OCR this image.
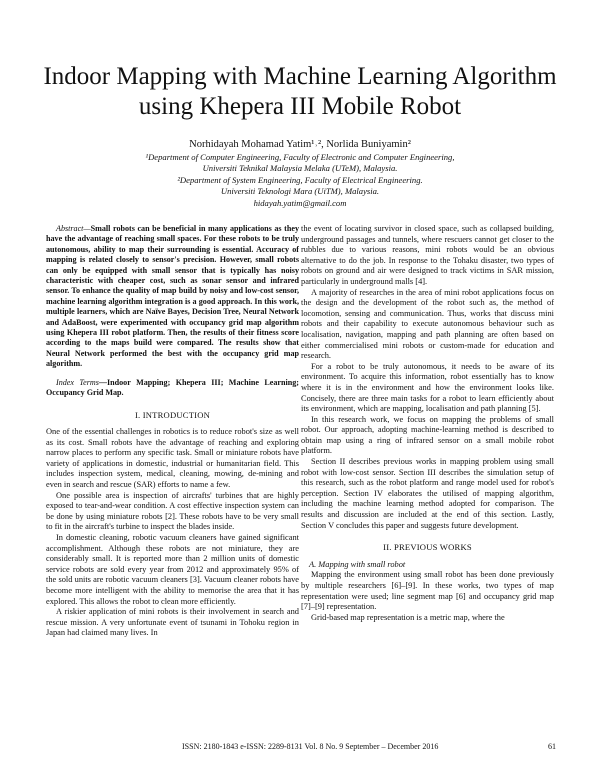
Indoor Mapping with Machine Learning Algorithm
using Khepera III Mobile Robot
Norhidayah Mohamad Yatim¹˒², Norlida Buniyamin²
¹Department of Computer Engineering, Faculty of Electronic and Computer Engineering,
Universiti Teknikal Malaysia Melaka (UTeM), Malaysia.
²Department of System Engineering, Faculty of Electrical Engineering.
Universiti Teknologi Mara (UiTM), Malaysia.
hidayah.yatim@gmail.com

Abstract—Small robots can be beneficial in many applications as they have the advantage of reaching small spaces. For these robots to be truly autonomous, ability to map their surrounding is essential. Accuracy of mapping is related closely to sensor's precision. However, small robots can only be equipped with small sensor that is typically has noisy characteristic with cheaper cost, such as sonar sensor and infrared sensor. To enhance the quality of map build by noisy and low-cost sensor, machine learning algorithm integration is a good approach. In this work, multiple learners, which are Naïve Bayes, Decision Tree, Neural Network and AdaBoost, were experimented with occupancy grid map algorithm using Khepera III robot platform. Then, the results of their fitness score according to the maps build were compared. The results show that Neural Network performed the best with the occupancy grid map algorithm.

Index Terms—Indoor Mapping; Khepera III; Machine Learning; Occupancy Grid Map.

I. INTRODUCTION

One of the essential challenges in robotics is to reduce robot's size as well as its cost. Small robots have the advantage of reaching and exploring narrow places to perform any specific task. Small or miniature robots have variety of applications in domestic, industrial or humanitarian field. This includes inspection system, medical, cleaning, mowing, de-mining and even in search and rescue (SAR) efforts to name a few.

One possible area is inspection of aircrafts' turbines that are highly exposed to tear-and-wear condition. A cost effective inspection system can be done by using miniature robots [2]. These robots have to be very small to fit in the aircraft's turbine to inspect the blades inside.

In domestic cleaning, robotic vacuum cleaners have gained significant accomplishment. Although these robots are not miniature, they are considerably small. It is reported more than 2 million units of domestic service robots are sold every year from 2012 and approximately 95% of the sold units are robotic vacuum cleaners [3]. Vacuum cleaner robots have become more intelligent with the ability to memorise the area that it has explored. This allows the robot to clean more efficiently.

A riskier application of mini robots is their involvement in search and rescue mission. A very unfortunate event of tsunami in Tohoku region in Japan had claimed many lives. In

the event of locating survivor in closed space, such as collapsed building, underground passages and tunnels, where rescuers cannot get closer to the rubbles due to various reasons, mini robots would be an obvious alternative to do the job. In response to the Tohaku disaster, two types of robots on ground and air were designed to track victims in SAR mission, particularly in underground malls [4].

A majority of researches in the area of mini robot applications focus on the design and the development of the robot such as, the method of locomotion, sensing and communication. Thus, works that discuss mini robots and their capability to execute autonomous behaviour such as localisation, navigation, mapping and path planning are often based on either commercialised mini robots or custom-made for education and research.

For a robot to be truly autonomous, it needs to be aware of its environment. To acquire this information, robot essentially has to know where it is in the environment and how the environment looks like. Concisely, there are three main tasks for a robot to learn efficiently about its environment, which are mapping, localisation and path planning [5].

In this research work, we focus on mapping the problems of small robot. Our approach, adopting machine-learning method is described to obtain map using a ring of infrared sensor on a small mobile robot platform.

Section II describes previous works in mapping problem using small robot with low-cost sensor. Section III describes the simulation setup of this research, such as the robot platform and range model used for robot's perception. Section IV elaborates the utilised of mapping algorithm, including the machine learning method adopted for comparison. The results and discussion are included at the end of this section. Lastly, Section V concludes this paper and suggests future development.

II. PREVIOUS WORKS
A. Mapping with small robot

Mapping the environment using small robot has been done previously by multiple researchers [6]–[9]. In these works, two types of map representation were used; line segment map [6] and occupancy grid map [7]–[9] representation.

Grid-based map representation is a metric map, where the

ISSN: 2180-1843 e-ISSN: 2289-8131 Vol. 8 No. 9 September – December 2016	61
